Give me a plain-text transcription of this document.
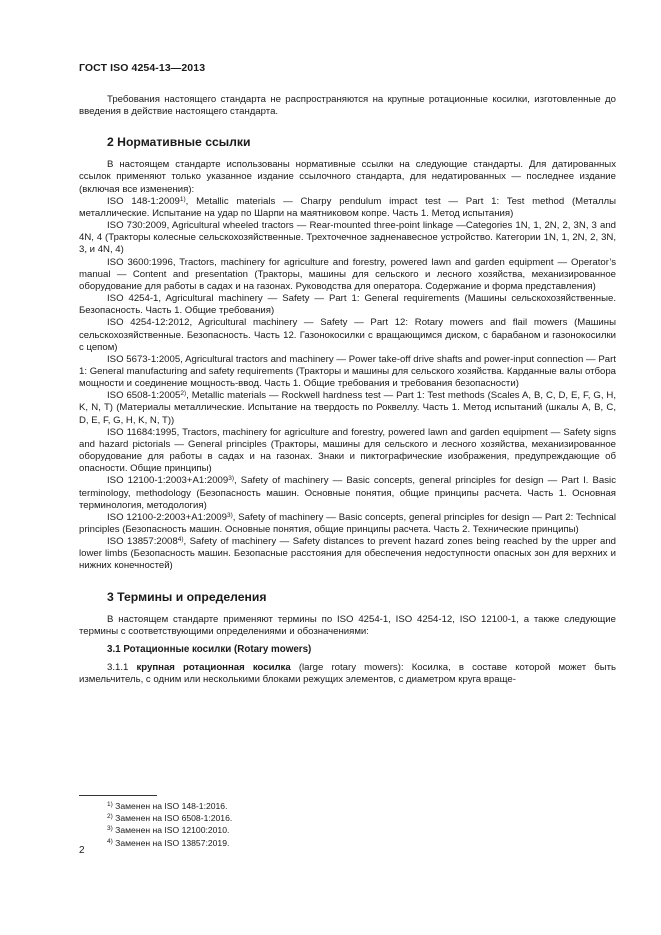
ГОСТ ISO 4254-13—2013

Требования настоящего стандарта не распространяются на крупные ротационные косилки, изготовленные до введения в действие настоящего стандарта.

2 Нормативные ссылки

В настоящем стандарте использованы нормативные ссылки на следующие стандарты. Для датированных ссылок применяют только указанное издание ссылочного стандарта, для недатированных — последнее издание (включая все изменения):

ISO 148-1:2009$^{1)}$, Metallic materials — Charpy pendulum impact test — Part 1: Test method (Металлы металлические. Испытание на удар по Шарпи на маятниковом копре. Часть 1. Метод испытания)

ISO 730:2009, Agricultural wheeled tractors — Rear-mounted three-point linkage —Categories 1N, 1, 2N, 2, 3N, 3 and 4N, 4 (Тракторы колесные сельскохозяйственные. Трехточечное задненавесное устройство. Категории 1N, 1, 2N, 2, 3N, 3, и 4N, 4)

ISO 3600:1996, Tractors, machinery for agriculture and forestry, powered lawn and garden equipment — Operator’s manual — Content and presentation (Тракторы, машины для сельского и лесного хозяйства, механизированное оборудование для работы в садах и на газонах. Руководства для оператора. Содержание и форма представления)

ISO 4254-1, Agricultural machinery — Safety — Part 1: General requirements (Машины сельскохозяйственные. Безопасность. Часть 1. Общие требования)

ISO 4254-12:2012, Agricultural machinery — Safety — Part 12: Rotary mowers and flail mowers (Машины сельскохозяйственные. Безопасность. Часть 12. Газонокосилки с вращающимся диском, с барабаном и газонокосилки с цепом)

ISO 5673-1:2005, Agricultural tractors and machinery — Power take-off drive shafts and power-input connection — Part 1: General manufacturing and safety requirements (Тракторы и машины для сельского хозяйства. Карданные валы отбора мощности и соединение мощность-ввод. Часть 1. Общие требования и требования безопасности)

ISO 6508-1:2005$^{2)}$, Metallic materials — Rockwell hardness test — Part 1: Test methods (Scales A, B, C, D, E, F, G, H, K, N, T) (Материалы металлические. Испытание на твердость по Роквеллу. Часть 1. Метод испытаний (шкалы A, B, C, D, E, F, G, H, K, N, T))

ISO 11684:1995, Tractors, machinery for agriculture and forestry, powered lawn and garden equipment — Safety signs and hazard pictorials — General principles (Тракторы, машины для сельского и лесного хозяйства, механизированное оборудование для работы в садах и на газонах. Знаки и пиктографические изображения, предупреждающие об опасности. Общие принципы)

ISO $12100-1:2003+A1:2009^{3)}$, Safety of machinery — Basic concepts, general principles for design — Part I. Basic terminology, methodology (Безопасность машин. Основные понятия, общие принципы расчета. Часть 1. Основная терминология, методология)

ISO $12100-2:2003+A1:2009^{3)}$, Safety of machinery — Basic concepts, general principles for design — Part 2: Technical principles (Безопасность машин. Основные понятия, общие принципы расчета. Часть 2. Технические принципы)

ISO 13857:2008$^{4)}$, Safety of machinery — Safety distances to prevent hazard zones being reached by the upper and lower limbs (Безопасность машин. Безопасные расстояния для обеспечения недоступности опасных зон для верхних и нижних конечностей)

3 Термины и определения

В настоящем стандарте применяют термины по ISO 4254-1, ISO 4254-12, ISO 12100-1, а также следующие термины с соответствующими определениями и обозначениями:

3.1 Ротационные косилки (Rotary mowers)

3.1.1 крупная ротационная косилка (large rotary mowers): Косилка, в составе которой может быть измельчитель, с одним или несколькими блоками режущих элементов, с диаметром круга враще-

$^{1)}$ Заменен на ISO 148-1:2016.
$^{2)}$ Заменен на ISO 6508-1:2016.
$^{3)}$ Заменен на ISO 12100:2010.
$^{4)}$ Заменен на ISO 13857:2019.
2
